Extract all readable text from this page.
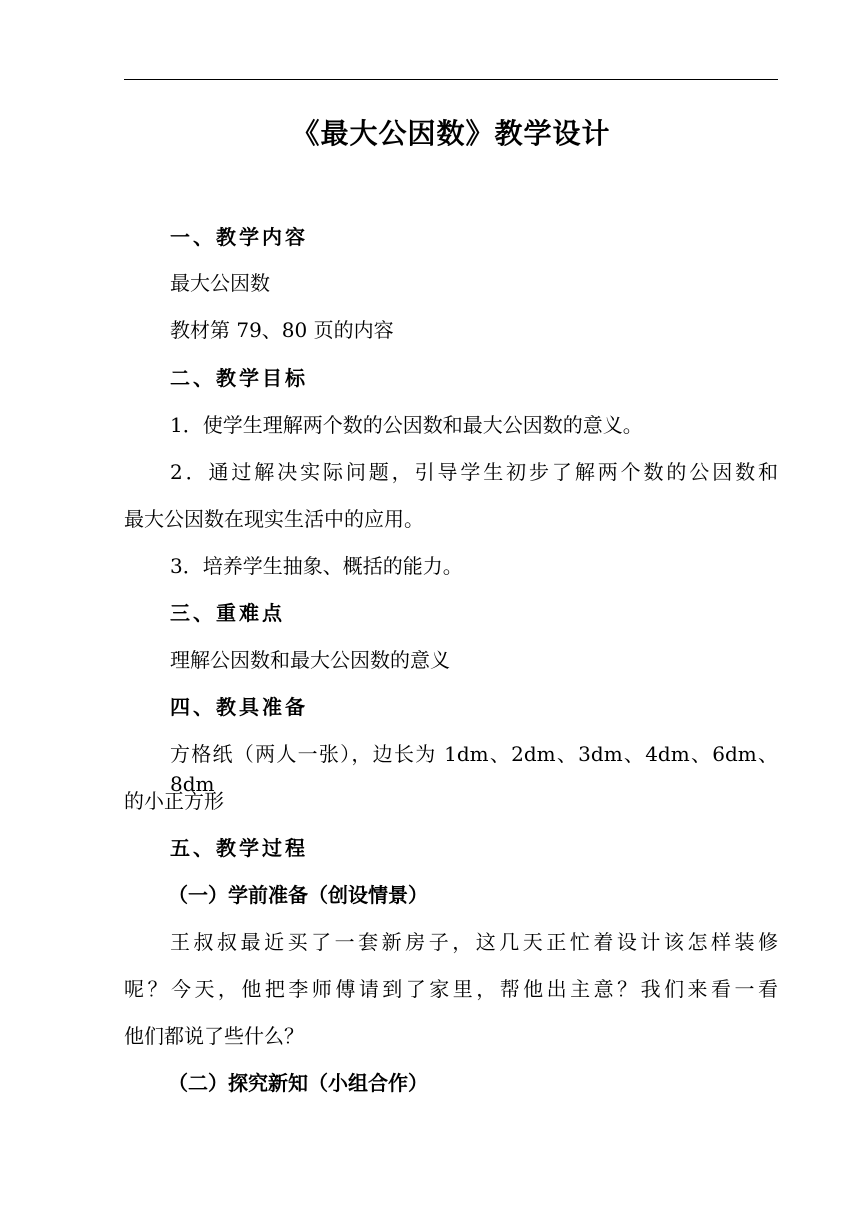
《最大公因数》教学设计

一、教学内容

最大公因数

教材第 79、80 页的内容

二、教学目标

1．使学生理解两个数的公因数和最大公因数的意义。

2．通过解决实际问题，引导学生初步了解两个数的公因数和

最大公因数在现实生活中的应用。

3．培养学生抽象、概括的能力。

三、重难点

理解公因数和最大公因数的意义

四、教具准备

方格纸（两人一张），边长为 1dm、2dm、3dm、4dm、6dm、8dm

的小正方形

五、教学过程

（一）学前准备（创设情景）

王叔叔最近买了一套新房子，这几天正忙着设计该怎样装修

呢？今天，他把李师傅请到了家里，帮他出主意？我们来看一看

他们都说了些什么？

（二）探究新知（小组合作）
